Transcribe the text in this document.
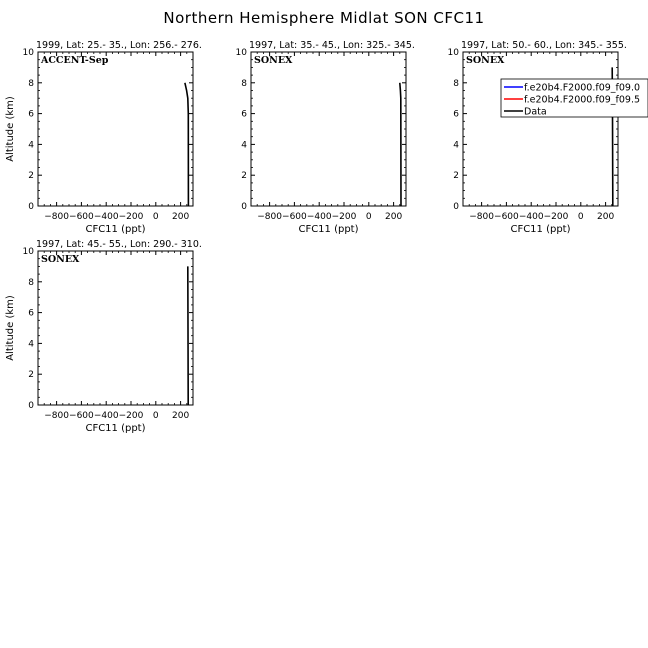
Northern Hemisphere Midlat SON CFC11
1999, Lat: 25.- 35., Lon: 256.- 276.
ACCENT-Sep
0
2
4
6
8
10
−800 −600 −400 −200 0 200
CFC11 (ppt)
Altitude (km)
1997, Lat: 35.- 45., Lon: 325.- 345.
SONEX
0
2
4
6
8
10
−800 −600 −400 −200 0 200
CFC11 (ppt)
1997, Lat: 50.- 60., Lon: 345.- 355.
SONEX
0
2
4
6
8
10
−800 −600 −400 −200 0 200
CFC11 (ppt)
f.e20b4.F2000.f09_f09.0
f.e20b4.F2000.f09_f09.5
Data
1997, Lat: 45.- 55., Lon: 290.- 310.
SONEX
0
2
4
6
8
10
−800 −600 −400 −200 0 200
CFC11 (ppt)
Altitude (km)
